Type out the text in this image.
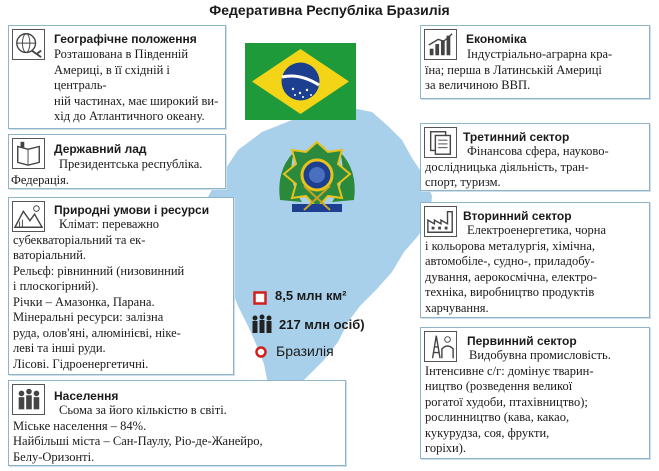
Федеративна Республіка Бразилія
Географічне положення
Розташована в Південній
Америці, в її східній і централь-
ній частинах, має широкий ви-
хід до Атлантичного океану.
Державний лад
Президентська республіка.
Федерація.
Природні умови і ресурси
Клімат: переважно
субекваторіальний та ек-
ваторіальний.
Рельєф: рівнинний (низовинний
і плоскогірний).
Річки – Амазонка, Парана.
Мінеральні ресурси: залізна
руда, олов'яні, алюмінієві, ніке-
леві та інші руди.
Лісові. Гідроенергетичні.
Населення
Сьома за його кількістю в світі.
Міське населення – 84%.
Найбільші міста – Сан-Паулу, Ріо-де-Жанейро,
Белу-Оризонті.
Економіка
Індустріально-аграрна кра-
їна; перша в Латинській Америці
за величиною ВВП.
Третинний сектор
Фінансова сфера, науково-
дослідницька діяльність, тран-
спорт, туризм.
Вторинний сектор
Електроенергетика, чорна
і кольорова металургія, хімічна,
автомобіле-, судно-, приладобу-
дування, аерокосмічна, електро-
техніка, виробництво продуктів
харчування.
Первинний сектор
Видобувна промисловість.
Інтенсивне с/г: домінує тварин-
ництво (розведення великої
рогатої худоби, птахівництво);
рослинництво (кава, какао,
кукурудза, соя, фрукти,
горіхи).
8,5 млн км²
217 млн осіб)
Бразилія
